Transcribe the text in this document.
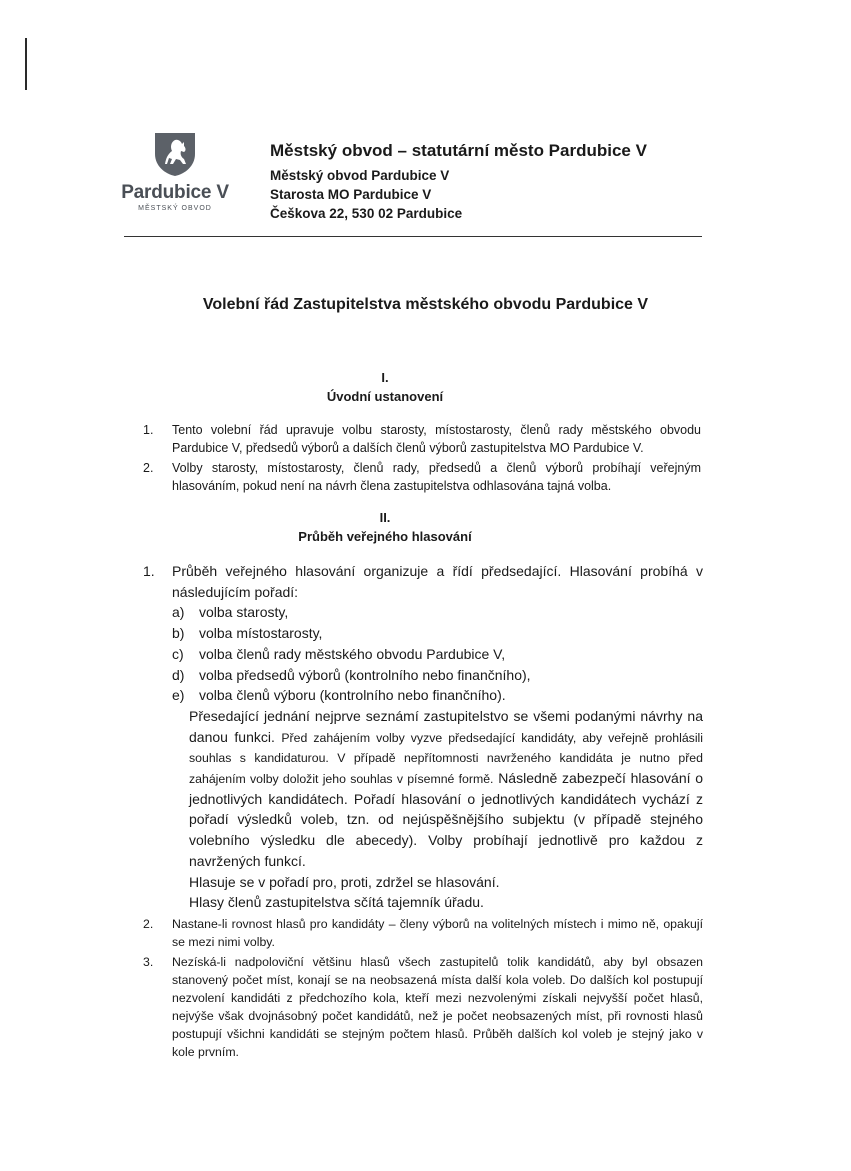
Pardubice V
MĚSTSKÝ OBVOD
Městský obvod – statutární město Pardubice V
Městský obvod Pardubice V
Starosta MO Pardubice V
Češkova 22, 530 02 Pardubice
Volební řád Zastupitelstva městského obvodu Pardubice V
I.
Úvodní ustanovení
1.	Tento volební řád upravuje volbu starosty, místostarosty, členů rady městského obvodu Pardubice V, předsedů výborů a dalších členů výborů zastupitelstva MO Pardubice V.
2.	Volby starosty, místostarosty, členů rady, předsedů a členů výborů probíhají veřejným hlasováním, pokud není na návrh člena zastupitelstva odhlasována tajná volba.
II.
Průběh veřejného hlasování
1.	Průběh veřejného hlasování organizuje a řídí předsedající. Hlasování probíhá v následujícím pořadí:
a)	volba starosty,
b)	volba místostarosty,
c)	volba členů rady městského obvodu Pardubice V,
d)	volba předsedů výborů (kontrolního nebo finančního),
e)	volba členů výboru (kontrolního nebo finančního).
Přesedající jednání nejprve seznámí zastupitelstvo se všemi podanými návrhy na danou funkci. Před zahájením volby vyzve předsedající kandidáty, aby veřejně prohlásili souhlas s kandidaturou. V případě nepřítomnosti navrženého kandidáta je nutno před zahájením volby doložit jeho souhlas v písemné formě. Následně zabezpečí hlasování o jednotlivých kandidátech. Pořadí hlasování o jednotlivých kandidátech vychází z pořadí výsledků voleb, tzn. od nejúspěšnějšího subjektu (v případě stejného volebního výsledku dle abecedy). Volby probíhají jednotlivě pro každou z navržených funkcí.
Hlasuje se v pořadí pro, proti, zdržel se hlasování.
Hlasy členů zastupitelstva sčítá tajemník úřadu.
2.	Nastane-li rovnost hlasů pro kandidáty – členy výborů na volitelných místech i mimo ně, opakují se mezi nimi volby.
3.	Nezíská-li nadpoloviční většinu hlasů všech zastupitelů tolik kandidátů, aby byl obsazen stanovený počet míst, konají se na neobsazená místa další kola voleb. Do dalších kol postupují nezvolení kandidáti z předchozího kola, kteří mezi nezvolenými získali nejvyšší počet hlasů, nejvýše však dvojnásobný počet kandidátů, než je počet neobsazených míst, při rovnosti hlasů postupují všichni kandidáti se stejným počtem hlasů. Průběh dalších kol voleb je stejný jako v kole prvním.
